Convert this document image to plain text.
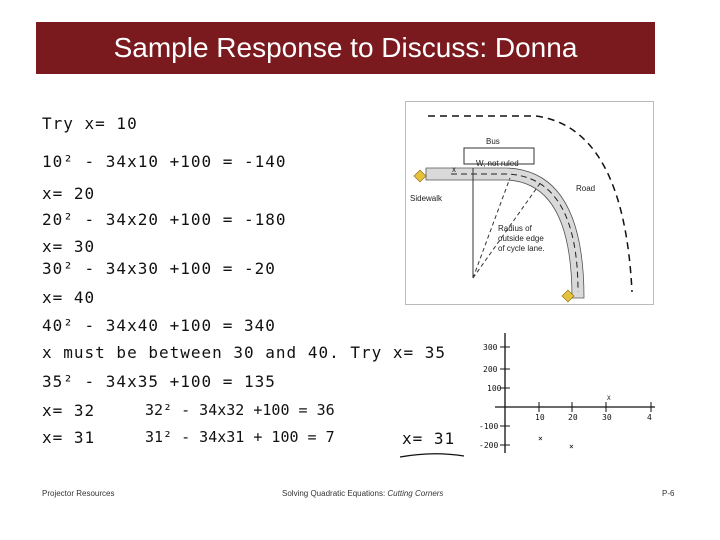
Sample Response to Discuss: Donna
Try x= 10
10² - 34x10 +100 = -140
x= 20
20² - 34x20 +100 = -180
x= 30
30² - 34x30 +100 = -20
x= 40
40² - 34x40 +100 = 340
x must be between 30 and 40. Try x= 35
35² - 34x35 +100 = 135
x= 32	32² - 34x32 +100 = 36
x= 31	31² - 34x31 + 100 = 7	x= 31
Bus
W, not ruled
x
Road
Sidewalk
Radius of
outside edge
of cycle lane.
×
×
300
200
100
-100
-200
10	20	30	4
X
Projector Resources	Solving Quadratic Equations: Cutting Corners	P-6
